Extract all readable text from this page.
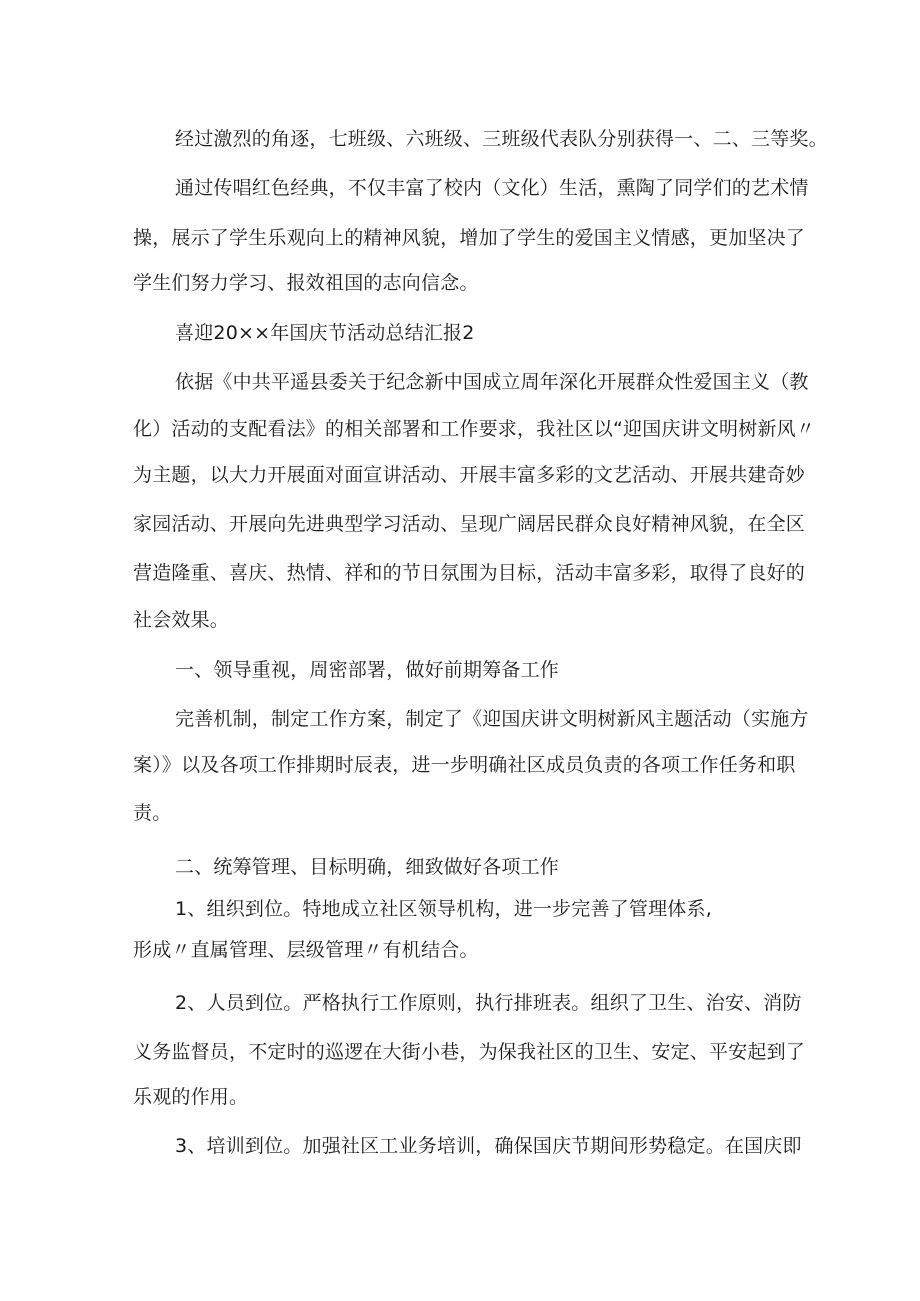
经过激烈的角逐，七班级、六班级、三班级代表队分别获得一、二、三等奖。
通过传唱红色经典，不仅丰富了校内（文化）生活，熏陶了同学们的艺术情
操，展示了学生乐观向上的精神风貌，增加了学生的爱国主义情感，更加坚决了
学生们努力学习、报效祖国的志向信念。
喜迎20××年国庆节活动总结汇报2
依据《中共平遥县委关于纪念新中国成立周年深化开展群众性爱国主义（教
化）活动的支配看法》的相关部署和工作要求，我社区以“迎国庆讲文明树新风〃
为主题，以大力开展面对面宣讲活动、开展丰富多彩的文艺活动、开展共建奇妙
家园活动、开展向先进典型学习活动、呈现广阔居民群众良好精神风貌，在全区
营造隆重、喜庆、热情、祥和的节日氛围为目标，活动丰富多彩，取得了良好的
社会效果。
一、领导重视，周密部署，做好前期筹备工作
完善机制，制定工作方案，制定了《迎国庆讲文明树新风主题活动（实施方
案）》以及各项工作排期时辰表，进一步明确社区成员负责的各项工作任务和职
责。
二、统筹管理、目标明确，细致做好各项工作
1、组织到位。特地成立社区领导机构，进一步完善了管理体系,
形成〃直属管理、层级管理〃有机结合。
2、人员到位。严格执行工作原则，执行排班表。组织了卫生、治安、消防
义务监督员，不定时的巡逻在大街小巷，为保我社区的卫生、安定、平安起到了
乐观的作用。
3、培训到位。加强社区工业务培训，确保国庆节期间形势稳定。在国庆即
